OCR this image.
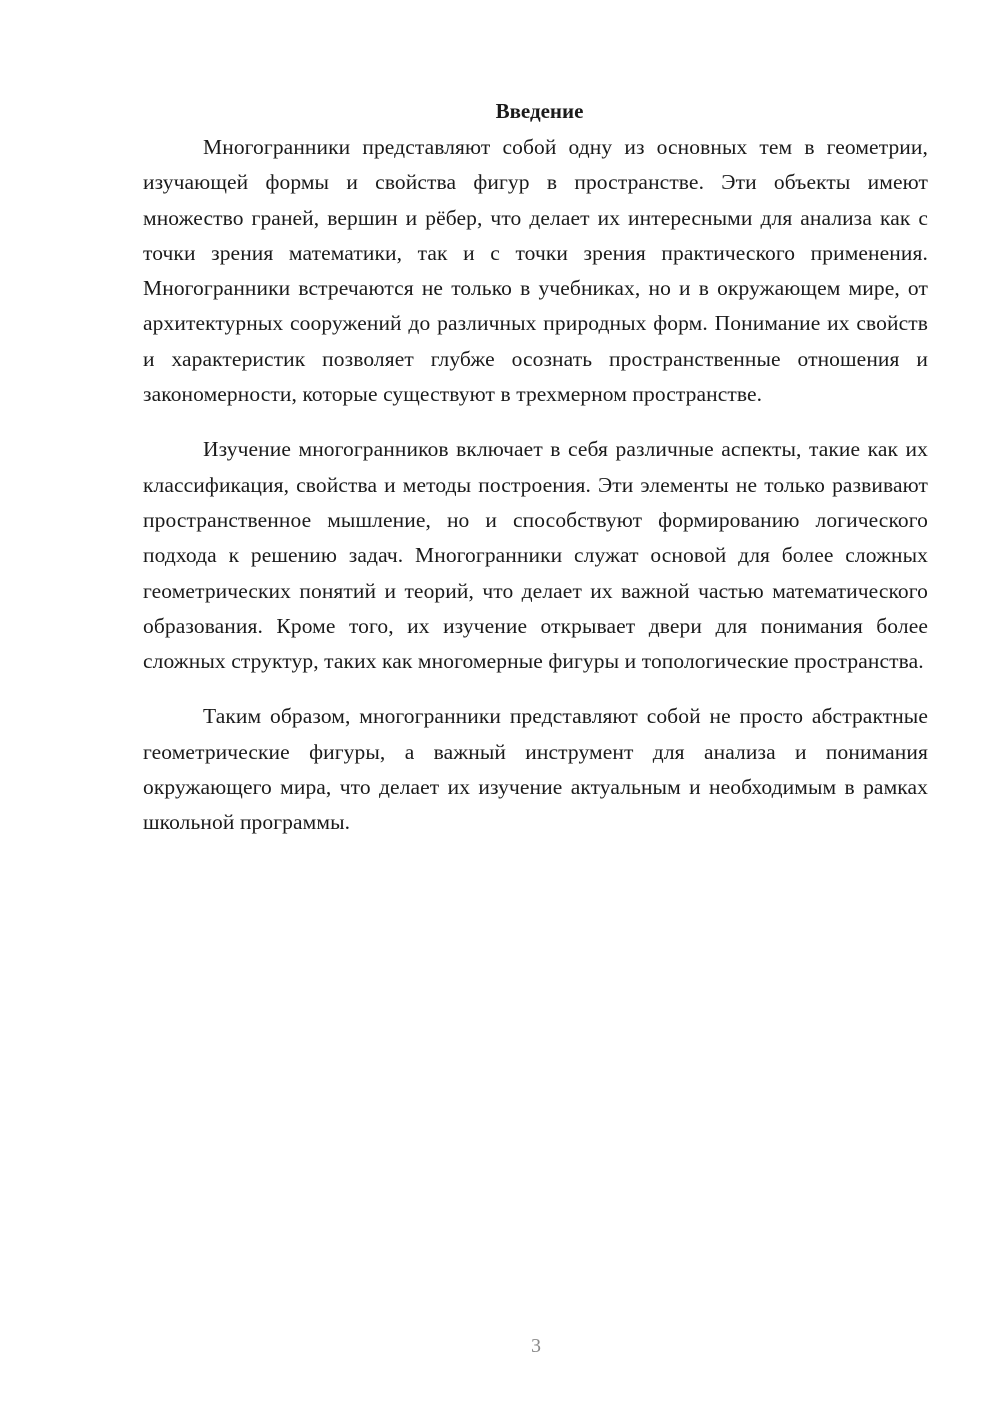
Введение

Многогранники представляют собой одну из основных тем в геометрии, изучающей формы и свойства фигур в пространстве. Эти объекты имеют множество граней, вершин и рёбер, что делает их интересными для анализа как с точки зрения математики, так и с точки зрения практического применения. Многогранники встречаются не только в учебниках, но и в окружающем мире, от архитектурных сооружений до различных природных форм. Понимание их свойств и характеристик позволяет глубже осознать пространственные отношения и закономерности, которые существуют в трехмерном пространстве.

Изучение многогранников включает в себя различные аспекты, такие как их классификация, свойства и методы построения. Эти элементы не только развивают пространственное мышление, но и способствуют формированию логического подхода к решению задач. Многогранники служат основой для более сложных геометрических понятий и теорий, что делает их важной частью математического образования. Кроме того, их изучение открывает двери для понимания более сложных структур, таких как многомерные фигуры и топологические пространства.

Таким образом, многогранники представляют собой не просто абстрактные геометрические фигуры, а важный инструмент для анализа и понимания окружающего мира, что делает их изучение актуальным и необходимым в рамках школьной программы.

3
